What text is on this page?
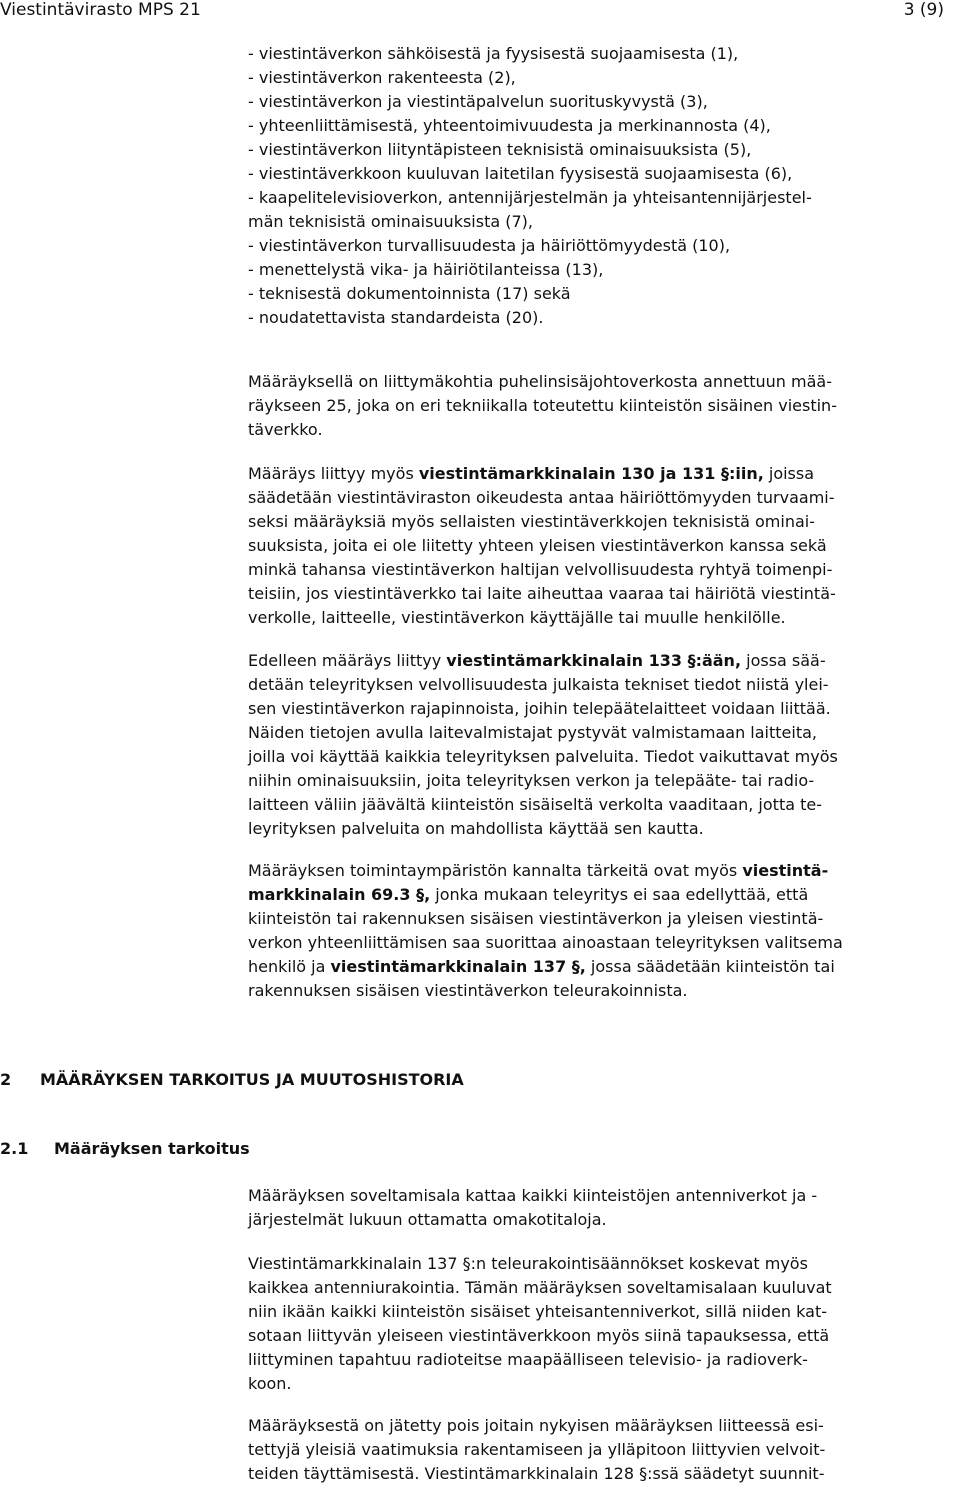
Viestintävirasto MPS 21	3 (9)
- viestintäverkon sähköisestä ja fyysisestä suojaamisesta (1),
- viestintäverkon rakenteesta (2),
- viestintäverkon ja viestintäpalvelun suorituskyvystä (3),
- yhteenliittämisestä, yhteentoimivuudesta ja merkinannosta (4),
- viestintäverkon liityntäpisteen teknisistä ominaisuuksista (5),
- viestintäverkkoon kuuluvan laitetilan fyysisestä suojaamisesta (6),
- kaapelitelevisioverkon, antennijärjestelmän ja yhteisantennijärjestel-
män teknisistä ominaisuuksista (7),
- viestintäverkon turvallisuudesta ja häiriöttömyydestä (10),
- menettelystä vika- ja häiriötilanteissa (13),
- teknisestä dokumentoinnista (17) sekä
- noudatettavista standardeista (20).
Määräyksellä on liittymäkohtia puhelinsisäjohtoverkosta annettuun mää-
räykseen 25, joka on eri tekniikalla toteutettu kiinteistön sisäinen viestin-
täverkko.
Määräys liittyy myös viestintämarkkinalain 130 ja 131 §:iin, joissa
säädetään viestintäviraston oikeudesta antaa häiriöttömyyden turvaami-
seksi määräyksiä myös sellaisten viestintäverkkojen teknisistä ominai-
suuksista, joita ei ole liitetty yhteen yleisen viestintäverkon kanssa sekä
minkä tahansa viestintäverkon haltijan velvollisuudesta ryhtyä toimenpi-
teisiin, jos viestintäverkko tai laite aiheuttaa vaaraa tai häiriötä viestintä-
verkolle, laitteelle, viestintäverkon käyttäjälle tai muulle henkilölle.
Edelleen määräys liittyy viestintämarkkinalain 133 §:ään, jossa sää-
detään teleyrityksen velvollisuudesta julkaista tekniset tiedot niistä ylei-
sen viestintäverkon rajapinnoista, joihin telepäätelaitteet voidaan liittää.
Näiden tietojen avulla laitevalmistajat pystyvät valmistamaan laitteita,
joilla voi käyttää kaikkia teleyrityksen palveluita. Tiedot vaikuttavat myös
niihin ominaisuuksiin, joita teleyrityksen verkon ja telepääte- tai radio-
laitteen väliin jäävältä kiinteistön sisäiseltä verkolta vaaditaan, jotta te-
leyrityksen palveluita on mahdollista käyttää sen kautta.
Määräyksen toimintaympäristön kannalta tärkeitä ovat myös viestintä-
markkinalain 69.3 §, jonka mukaan teleyritys ei saa edellyttää, että
kiinteistön tai rakennuksen sisäisen viestintäverkon ja yleisen viestintä-
verkon yhteenliittämisen saa suorittaa ainoastaan teleyrityksen valitsema
henkilö ja viestintämarkkinalain 137 §, jossa säädetään kiinteistön tai
rakennuksen sisäisen viestintäverkon teleurakoinnista.
2 MÄÄRÄYKSEN TARKOITUS JA MUUTOSHISTORIA
2.1 Määräyksen tarkoitus
Määräyksen soveltamisala kattaa kaikki kiinteistöjen antenniverkot ja -
järjestelmät lukuun ottamatta omakotitaloja.
Viestintämarkkinalain 137 §:n teleurakointisäännökset koskevat myös
kaikkea antenniurakointia. Tämän määräyksen soveltamisalaan kuuluvat
niin ikään kaikki kiinteistön sisäiset yhteisantenniverkot, sillä niiden kat-
sotaan liittyvän yleiseen viestintäverkkoon myös siinä tapauksessa, että
liittyminen tapahtuu radioteitse maapäälliseen televisio- ja radioverk-
koon.
Määräyksestä on jätetty pois joitain nykyisen määräyksen liitteessä esi-
tettyjä yleisiä vaatimuksia rakentamiseen ja ylläpitoon liittyvien velvoit-
teiden täyttämisestä. Viestintämarkkinalain 128 §:ssä säädetyt suunnit-
